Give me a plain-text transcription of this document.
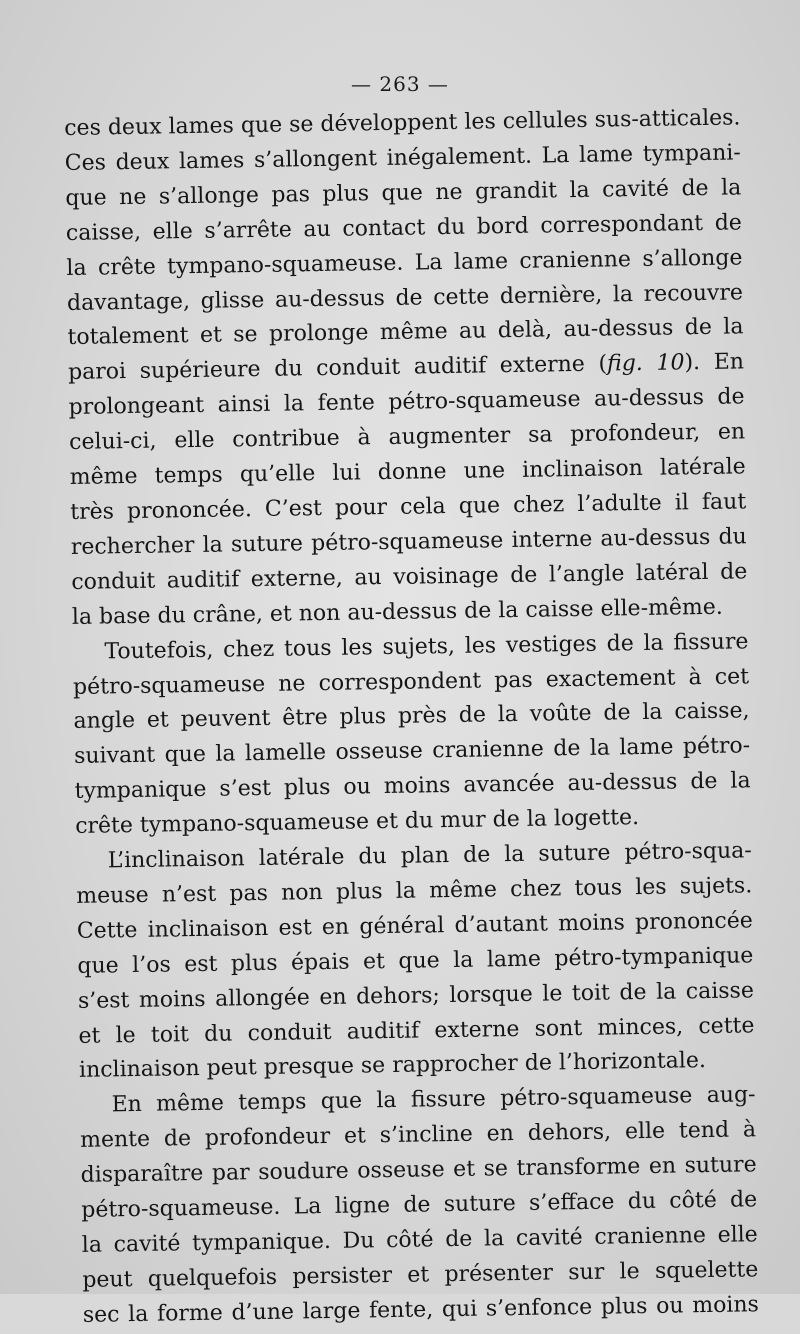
— 263 —

ces deux lames que se développent les cellules sus-atticales.
Ces deux lames s’allongent inégalement. La lame tympani-
que ne s’allonge pas plus que ne grandit la cavité de la
caisse, elle s’arrête au contact du bord correspondant de
la crête tympano-squameuse. La lame cranienne s’allonge
davantage, glisse au-dessus de cette dernière, la recouvre
totalement et se prolonge même au delà, au-dessus de la
paroi supérieure du conduit auditif externe (fig. 10). En
prolongeant ainsi la fente pétro-squameuse au-dessus de
celui-ci, elle contribue à augmenter sa profondeur, en
même temps qu’elle lui donne une inclinaison latérale
très prononcée. C’est pour cela que chez l’adulte il faut
rechercher la suture pétro-squameuse interne au-dessus du
conduit auditif externe, au voisinage de l’angle latéral de
la base du crâne, et non au-dessus de la caisse elle-même.

Toutefois, chez tous les sujets, les vestiges de la fissure
pétro-squameuse ne correspondent pas exactement à cet
angle et peuvent être plus près de la voûte de la caisse,
suivant que la lamelle osseuse cranienne de la lame pétro-
tympanique s’est plus ou moins avancée au-dessus de la
crête tympano-squameuse et du mur de la logette.

L’inclinaison latérale du plan de la suture pétro-squa-
meuse n’est pas non plus la même chez tous les sujets.
Cette inclinaison est en général d’autant moins prononcée
que l’os est plus épais et que la lame pétro-tympanique
s’est moins allongée en dehors; lorsque le toit de la caisse
et le toit du conduit auditif externe sont minces, cette
inclinaison peut presque se rapprocher de l’horizontale.

En même temps que la fissure pétro-squameuse aug-
mente de profondeur et s’incline en dehors, elle tend à
disparaître par soudure osseuse et se transforme en suture
pétro-squameuse. La ligne de suture s’efface du côté de
la cavité tympanique. Du côté de la cavité cranienne elle
peut quelquefois persister et présenter sur le squelette
sec la forme d’une large fente, qui s’enfonce plus ou moins
